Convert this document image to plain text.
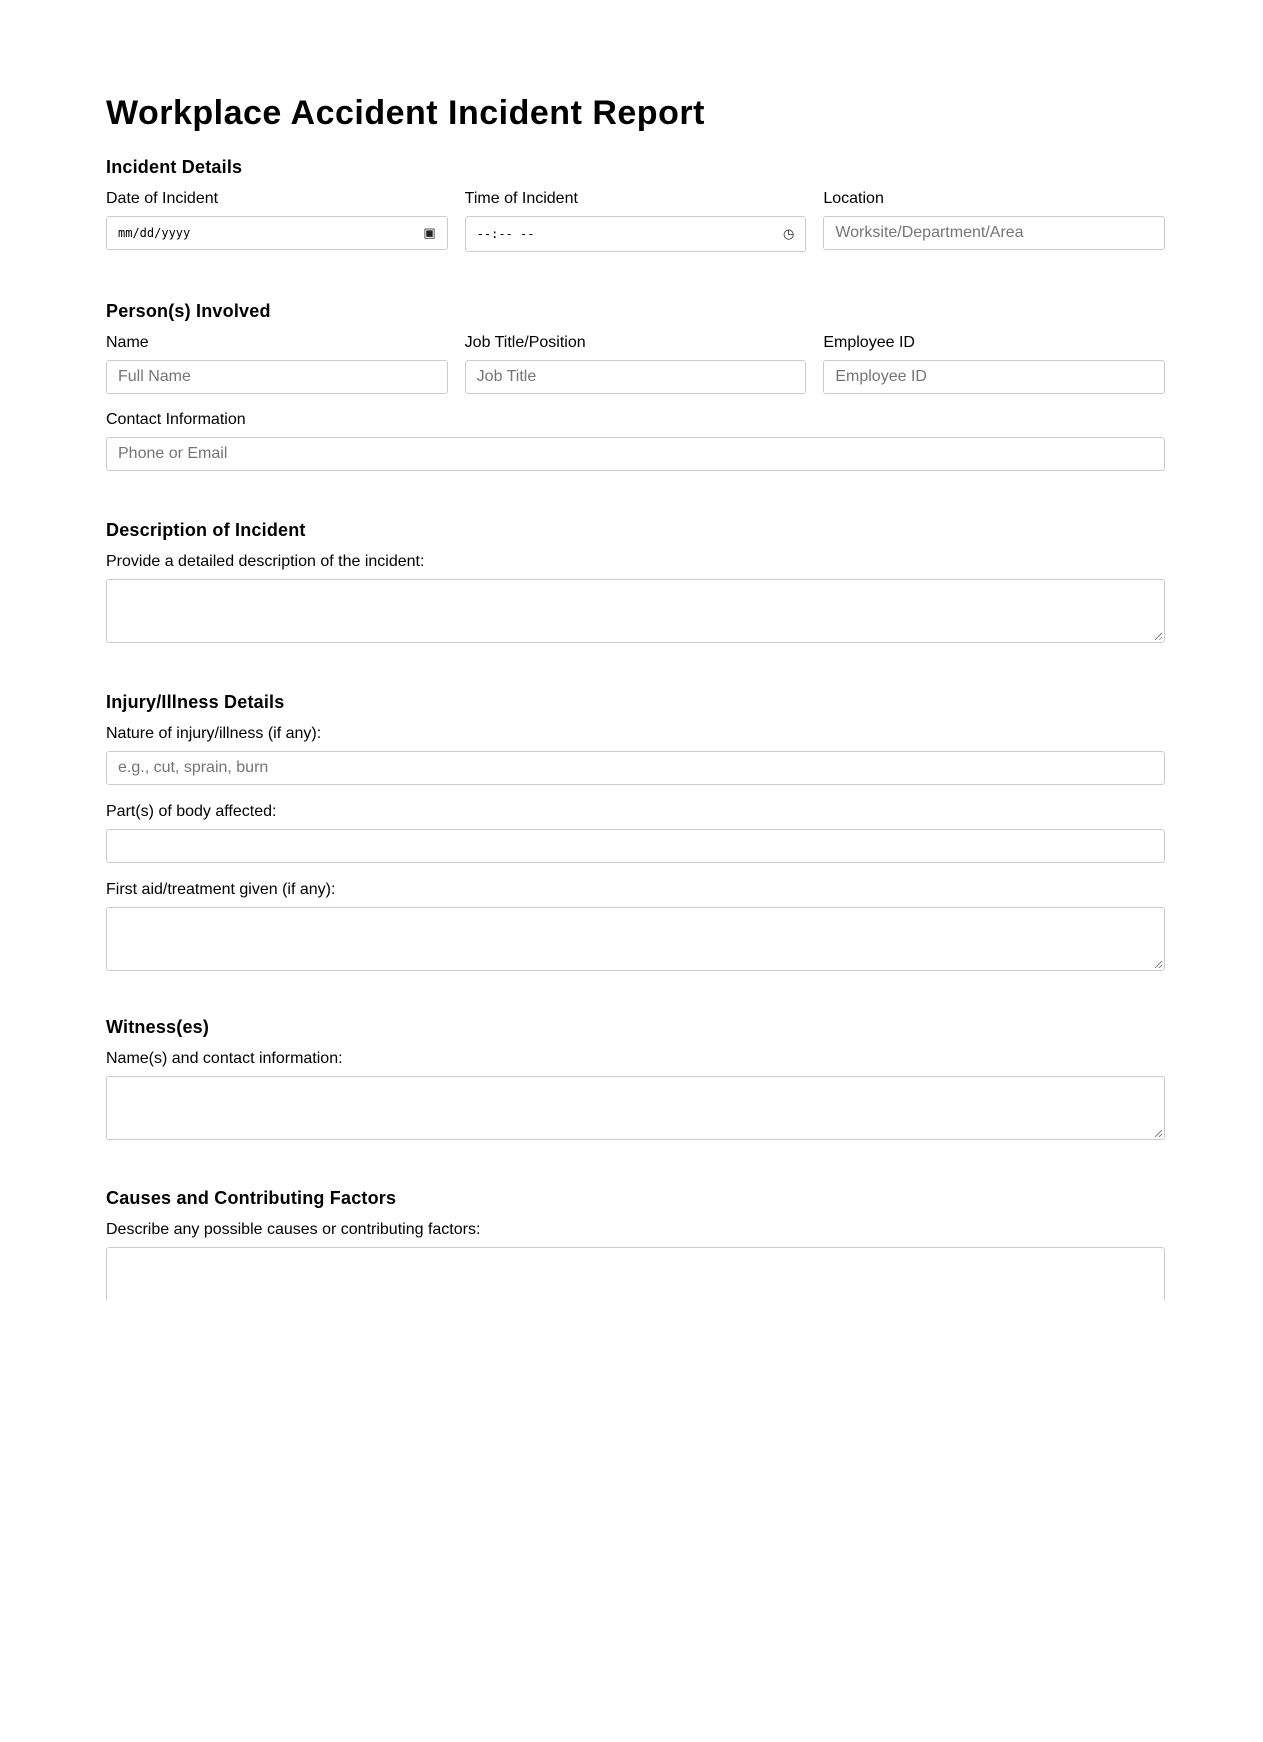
Workplace Accident Incident Report
Incident Details
Date of Incident
mm/dd/yyyy	▣
Time of Incident
--:-- --	◷
Location
Worksite/Department/Area
Person(s) Involved
Name
Full Name
Job Title/Position
Job Title
Employee ID
Employee ID
Contact Information
Phone or Email
Description of Incident
Provide a detailed description of the incident:
Injury/Illness Details
Nature of injury/illness (if any):
e.g., cut, sprain, burn
Part(s) of body affected:
First aid/treatment given (if any):
Witness(es)
Name(s) and contact information:
Causes and Contributing Factors
Describe any possible causes or contributing factors:
